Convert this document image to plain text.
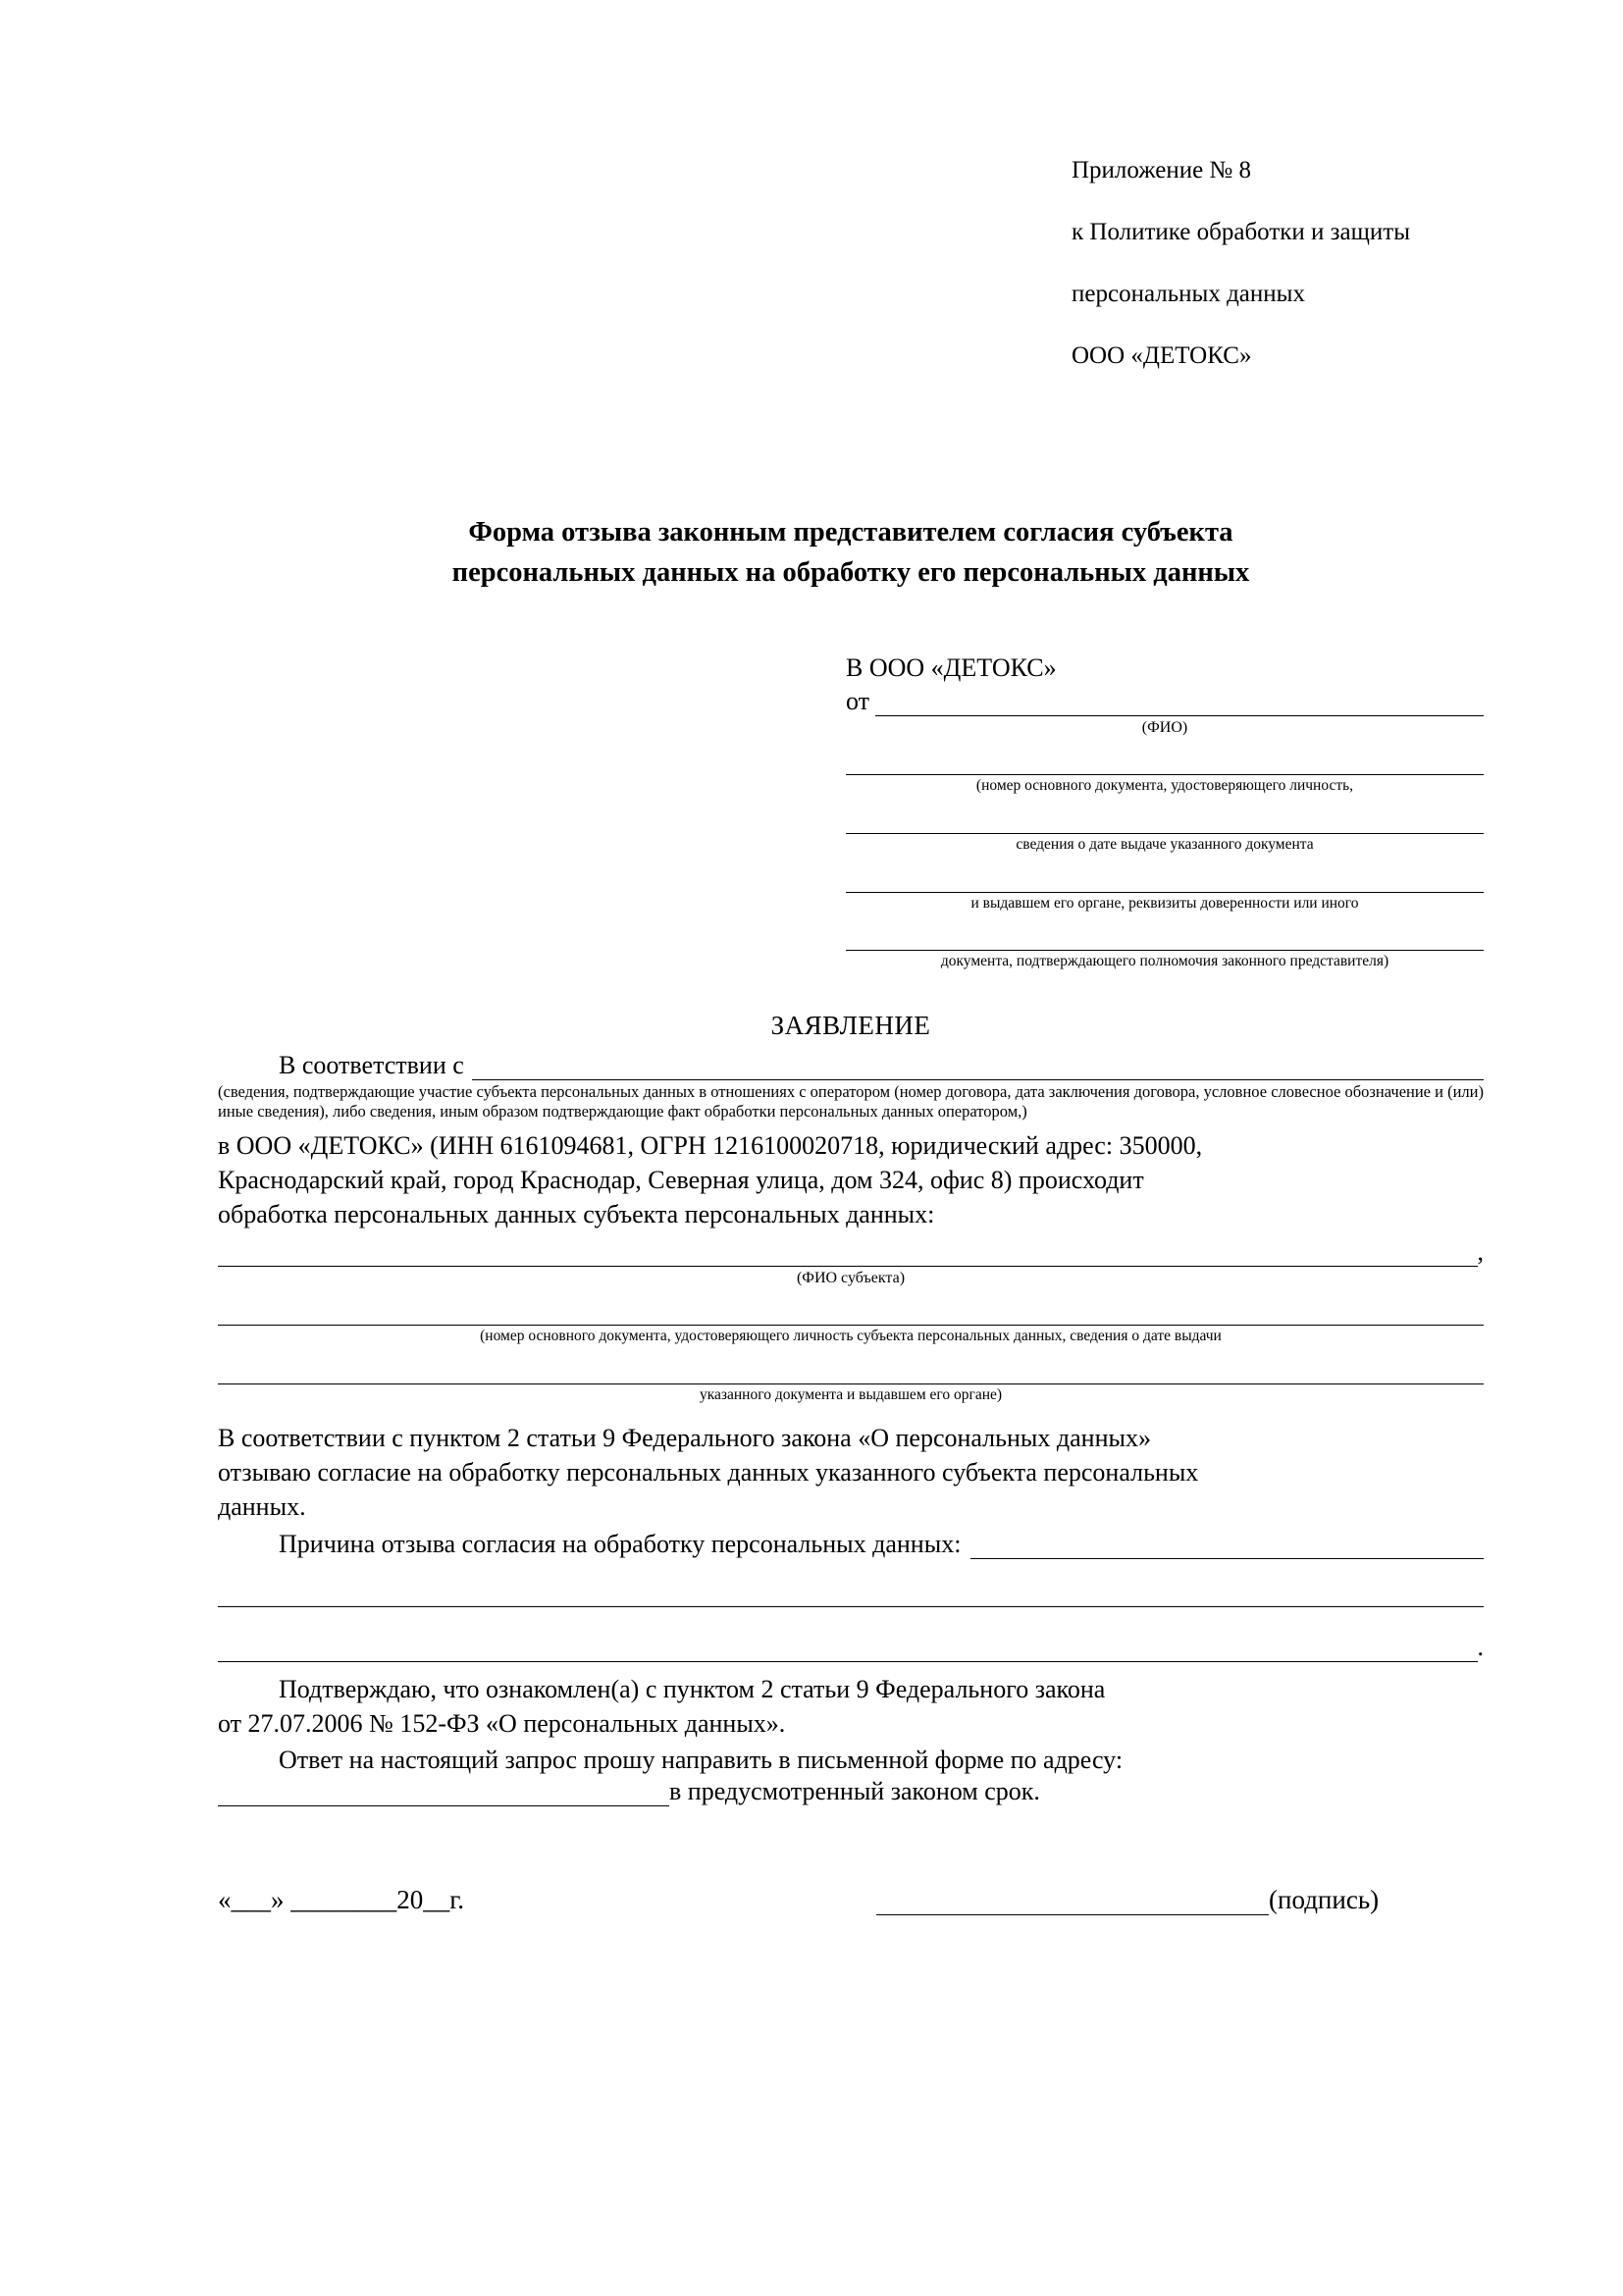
Приложение № 8

к Политике обработки и защиты

персональных данных

ООО «ДЕТОКС»

Форма отзыва законным представителем согласия субъекта
персональных данных на обработку его персональных данных
В ООО «ДЕТОКС»
от
(ФИО)
(номер основного документа, удостоверяющего личность,
сведения о дате выдаче указанного документа
и выдавшем его органе, реквизиты доверенности или иного
документа, подтверждающего полномочия законного представителя)
ЗАЯВЛЕНИЕ
В соответствии с
(сведения, подтверждающие участие субъекта персональных данных в отношениях с оператором (номер договора, дата заключения договора, условное словесное обозначение и (или) иные сведения), либо сведения, иным образом подтверждающие факт обработки персональных данных оператором,)
в ООО «ДЕТОКС» (ИНН 6161094681, ОГРН 1216100020718, юридический адрес: 350000,
Краснодарский край, город Краснодар, Северная улица, дом 324, офис 8) происходит
обработка персональных данных субъекта персональных данных:
,
(ФИО субъекта)
(номер основного документа, удостоверяющего личность субъекта персональных данных, сведения о дате выдачи
указанного документа и выдавшем его органе)
В соответствии с пунктом 2 статьи 9 Федерального закона «О персональных данных»
отзываю согласие на обработку персональных данных указанного субъекта персональных
данных.
Причина отзыва согласия на обработку персональных данных:
.
Подтверждаю, что ознакомлен(а) с пунктом 2 статьи 9 Федерального закона
от 27.07.2006 № 152-ФЗ «О персональных данных».
Ответ на настоящий запрос прошу направить в письменной форме по адресу:
в предусмотренный законом срок.
«___» ________20__г.	(подпись)
